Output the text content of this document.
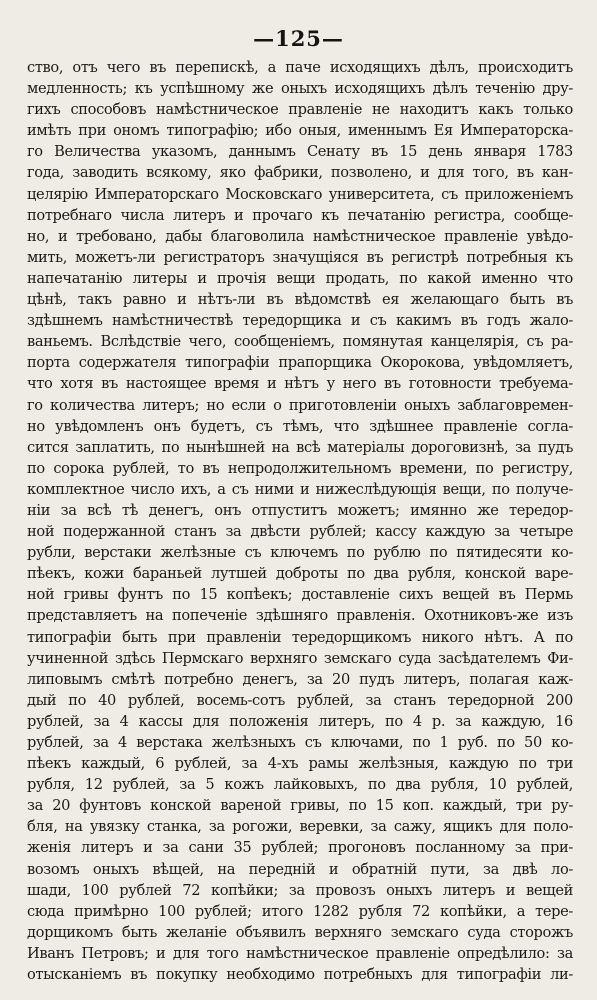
—125—
ство, отъ чего въ перепискѣ, а паче исходящихъ дѣлъ, происходитъ
медленность; къ успѣшному же оныхъ исходящихъ дѣлъ теченію дру-
гихъ способовъ намѣстническое правленіе не находитъ какъ только
имѣть при ономъ типографію; ибо оныя, именнымъ Ея Императорска-
го Величества указомъ, даннымъ Сенату въ 15 день января 1783
года, заводить всякому, яко фабрики, позволено, и для того, въ кан-
целярію Императорскаго Московскаго университета, съ приложеніемъ
потребнаго числа литеръ и прочаго къ печатанію регистра, сообще-
но, и требовано, дабы благоволила намѣстническое правленіе увѣдо-
мить, можетъ-ли регистраторъ значущіяся въ регистрѣ потребныя къ
напечатанію литеры и прочія вещи продать, по какой именно что
цѣнѣ, такъ равно и нѣтъ-ли въ вѣдомствѣ ея желающаго быть въ
здѣшнемъ намѣстничествѣ тередорщика и съ какимъ въ годъ жало-
ваньемъ. Вслѣдствіе чего, сообщеніемъ, помянутая канцелярія, съ ра-
порта содержателя типографіи прапорщика Окорокова, увѣдомляетъ,
что хотя въ настоящее время и нѣтъ у него въ готовности требуема-
го количества литеръ; но если о приготовленіи оныхъ заблаговремен-
но увѣдомленъ онъ будетъ, съ тѣмъ, что здѣшнее правленіе согла-
сится заплатить, по нынѣшней на всѣ матеріалы дороговизнѣ, за пудъ
по сорока рублей, то въ непродолжительномъ времени, по регистру,
комплектное число ихъ, а съ ними и нижеслѣдующія вещи, по получе-
ніи за всѣ тѣ денегъ, онъ отпуститъ можетъ; имянно же тередор-
ной подержанной станъ за двѣсти рублей; кассу каждую за четыре
рубли, верстаки желѣзные съ ключемъ по рублю по пятидесяти ко-
пѣекъ, кожи бараньей лутшей доброты по два рубля, конской варе-
ной гривы фунтъ по 15 копѣекъ; доставленіе сихъ вещей въ Пермь
представляетъ на попеченіе здѣшняго правленія. Охотниковъ-же изъ
типографіи быть при правленіи тередорщикомъ никого нѣтъ. А по
учиненной здѣсь Пермскаго верхняго земскаго суда засѣдателемъ Фи-
липовымъ смѣтѣ потребно денегъ, за 20 пудъ литеръ, полагая каж-
дый по 40 рублей, восемь-сотъ рублей, за станъ тередорной 200
рублей, за 4 кассы для положенія литеръ, по 4 р. за каждую, 16
рублей, за 4 верстака желѣзныхъ съ ключами, по 1 руб. по 50 ко-
пѣекъ каждый, 6 рублей, за 4-хъ рамы желѣзныя, каждую по три
рубля, 12 рублей, за 5 кожъ лайковыхъ, по два рубля, 10 рублей,
за 20 фунтовъ конской вареной гривы, по 15 коп. каждый, три ру-
бля, на увязку станка, за рогожи, веревки, за сажу, ящикъ для поло-
женія литеръ и за сани 35 рублей; прогоновъ посланному за при-
возомъ оныхъ вѣщей, на передній и обратній пути, за двѣ ло-
шади, 100 рублей 72 копѣйки; за провозъ оныхъ литеръ и вещей
сюда примѣрно 100 рублей; итого 1282 рубля 72 копѣйки, а тере-
дорщикомъ быть желаніе объявилъ верхняго земскаго суда сторожъ
Иванъ Петровъ; и для того намѣстническое правленіе опредѣлило: за
отысканіемъ въ покупку необходимо потребныхъ для типографіи ли-
